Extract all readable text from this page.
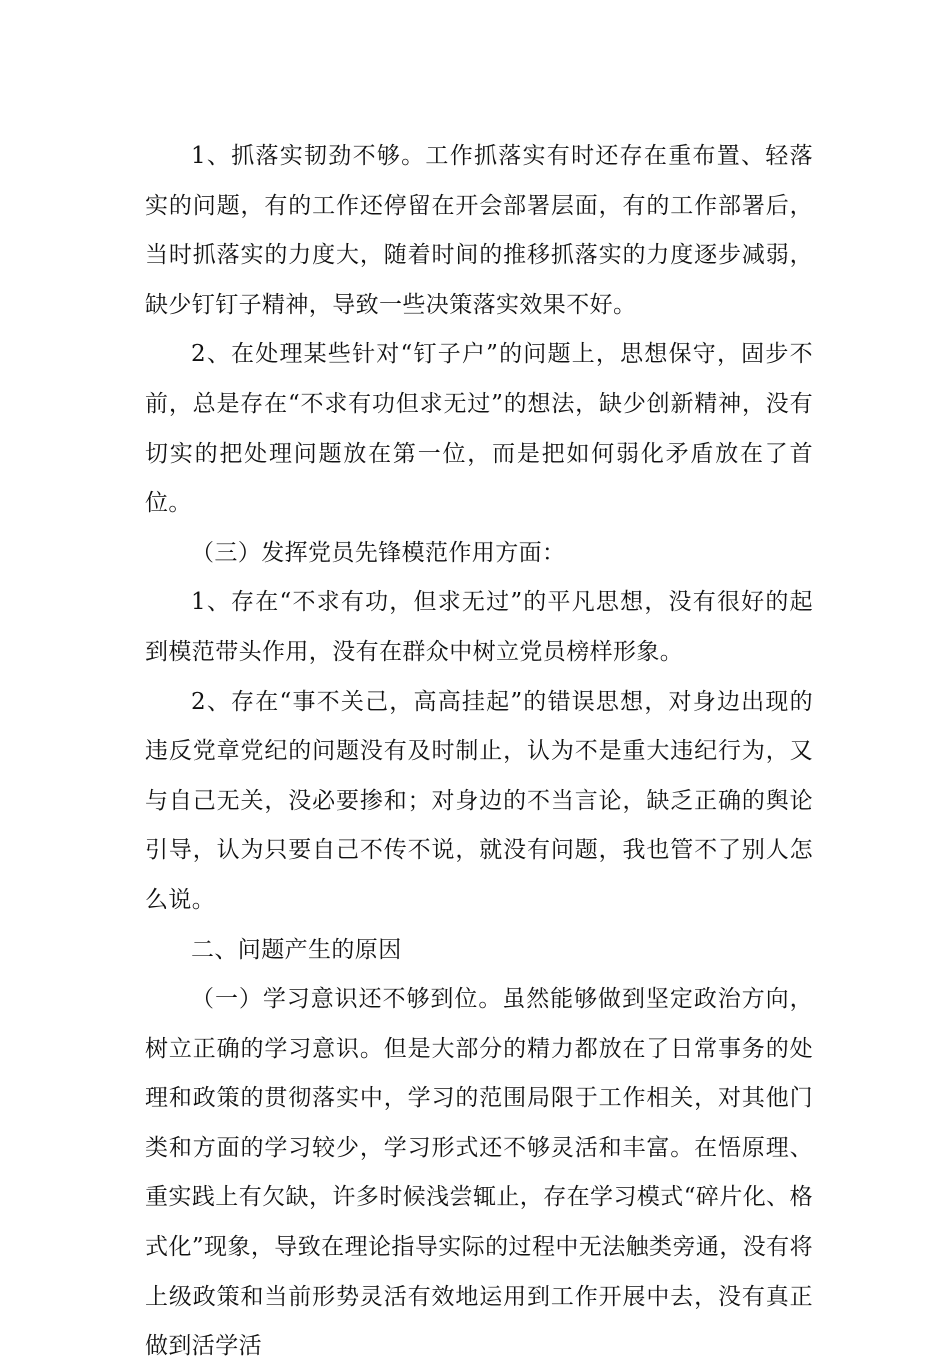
1、抓落实韧劲不够。工作抓落实有时还存在重布置、轻落实的问题，有的工作还停留在开会部署层面，有的工作部署后，当时抓落实的力度大，随着时间的推移抓落实的力度逐步减弱，缺少钉钉子精神，导致一些决策落实效果不好。

2、在处理某些针对“钉子户”的问题上，思想保守，固步不前，总是存在“不求有功但求无过”的想法，缺少创新精神，没有切实的把处理问题放在第一位，而是把如何弱化矛盾放在了首位。

（三）发挥党员先锋模范作用方面：

1、存在“不求有功，但求无过”的平凡思想，没有很好的起到模范带头作用，没有在群众中树立党员榜样形象。

2、存在“事不关己，高高挂起”的错误思想，对身边出现的违反党章党纪的问题没有及时制止，认为不是重大违纪行为，又与自己无关，没必要掺和；对身边的不当言论，缺乏正确的舆论引导，认为只要自己不传不说，就没有问题，我也管不了别人怎么说。

二、问题产生的原因

（一）学习意识还不够到位。虽然能够做到坚定政治方向，树立正确的学习意识。但是大部分的精力都放在了日常事务的处理和政策的贯彻落实中，学习的范围局限于工作相关，对其他门类和方面的学习较少，学习形式还不够灵活和丰富。在悟原理、重实践上有欠缺，许多时候浅尝辄止，存在学习模式“碎片化、格式化”现象，导致在理论指导实际的过程中无法触类旁通，没有将上级政策和当前形势灵活有效地运用到工作开展中去，没有真正做到活学活
